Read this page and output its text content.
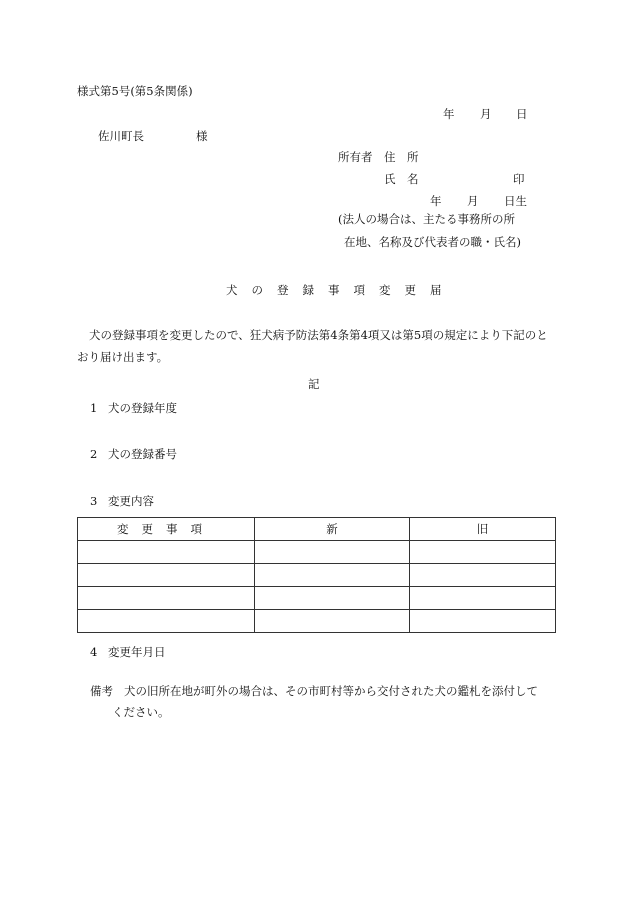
様式第5号(第5条関係)
年 月 日
佐川町長	様
所有者 住　所
氏　名	印
年 月 日生
(法人の場合は、主たる事務所の所
在地、名称及び代表者の職・氏名)
犬 の 登 録 事 項 変 更 届
犬の登録事項を変更したので、狂犬病予防法第4条第4項又は第5項の規定により下記のとおり届け出ます。
記
1 犬の登録年度
2 犬の登録番号
3 変更内容
変更事項	新	旧

4 変更年月日
備考 犬の旧所在地が町外の場合は、その市町村等から交付された犬の鑑札を添付して
ください。
